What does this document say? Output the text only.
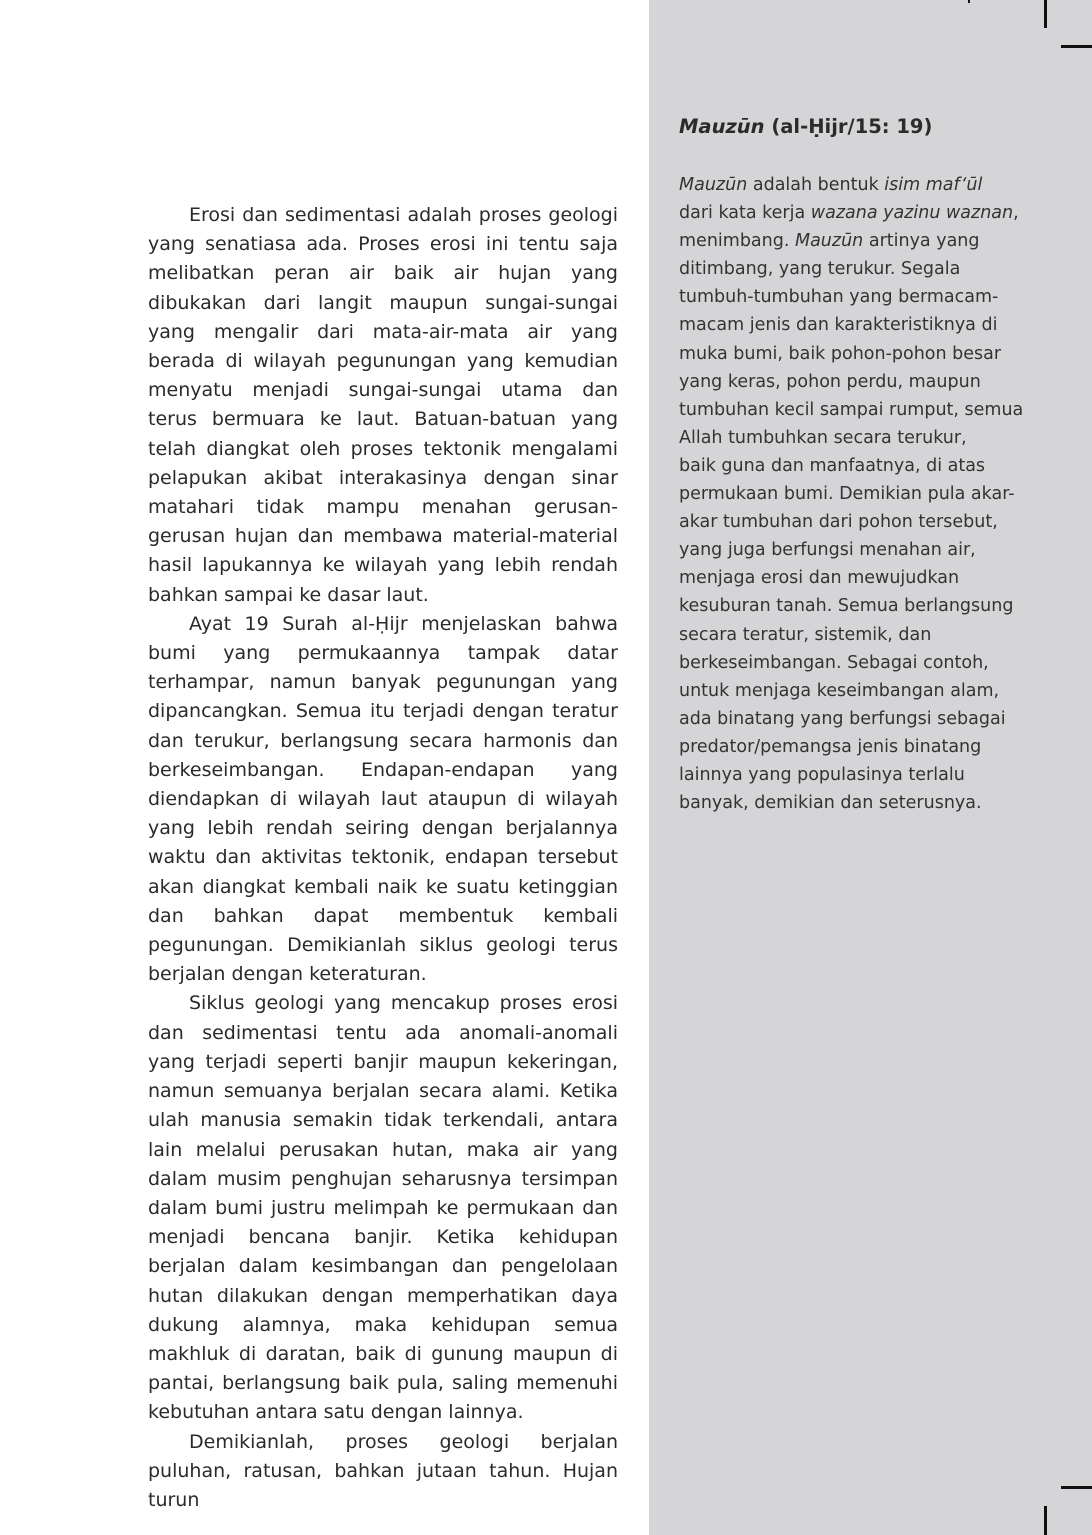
Mauzūn (al-Ḥijr/15: 19)
Mauzūn adalah bentuk isim maf‘ūl
dari kata kerja wazana yazinu waznan,
menimbang. Mauzūn artinya yang
ditimbang, yang terukur. Segala
tumbuh-tumbuhan yang bermacam-
macam jenis dan karakteristiknya di
muka bumi, baik pohon-pohon besar
yang keras, pohon perdu, maupun
tumbuhan kecil sampai rumput, semua
Allah tumbuhkan secara terukur,
baik guna dan manfaatnya, di atas
permukaan bumi. Demikian pula akar-
akar tumbuhan dari pohon tersebut,
yang juga berfungsi menahan air,
menjaga erosi dan mewujudkan
kesuburan tanah. Semua berlangsung
secara teratur, sistemik, dan
berkeseimbangan. Sebagai contoh,
untuk menjaga keseimbangan alam,
ada binatang yang berfungsi sebagai
predator/pemangsa jenis binatang
lainnya yang populasinya terlalu
banyak, demikian dan seterusnya.

Erosi dan sedimentasi adalah proses geologi yang senatiasa ada. Proses erosi ini tentu saja melibatkan peran air baik air hujan yang dibukakan dari langit maupun sungai-sungai yang mengalir dari mata-air-mata air yang berada di wilayah pegunungan yang kemudian menyatu menjadi sungai-sungai utama dan terus bermuara ke laut. Batuan-batuan yang telah diangkat oleh proses tektonik mengalami pelapukan akibat interakasinya dengan sinar matahari tidak mampu menahan gerusan-gerusan hujan dan membawa material-material hasil lapukannya ke wilayah yang lebih rendah bahkan sampai ke dasar laut.

Ayat 19 Surah al-Ḥijr menjelaskan bahwa bumi yang permukaannya tampak datar terhampar, namun banyak pegunungan yang dipancangkan. Semua itu terjadi dengan teratur dan terukur, berlangsung secara harmonis dan berkeseimbangan. Endapan-endapan yang diendapkan di wilayah laut ataupun di wilayah yang lebih rendah seiring dengan berjalannya waktu dan aktivitas tektonik, endapan tersebut akan diangkat kembali naik ke suatu ketinggian dan bahkan dapat membentuk kembali pegunungan. Demikianlah siklus geologi terus berjalan dengan keteraturan.

Siklus geologi yang mencakup proses erosi dan sedimentasi tentu ada anomali-anomali yang terjadi seperti banjir maupun kekeringan, namun semuanya berjalan secara alami. Ketika ulah manusia semakin tidak terkendali, antara lain melalui perusakan hutan, maka air yang dalam musim penghujan seharusnya tersimpan dalam bumi justru melimpah ke permukaan dan menjadi bencana banjir. Ketika kehidupan berjalan dalam kesimbangan dan pengelolaan hutan dilakukan dengan memperhatikan daya dukung alamnya, maka kehidupan semua makhluk di daratan, baik di gunung maupun di pantai, berlangsung baik pula, saling memenuhi kebutuhan antara satu dengan lainnya.

Demikianlah, proses geologi berjalan puluhan, ratusan, bahkan jutaan tahun. Hujan turun
